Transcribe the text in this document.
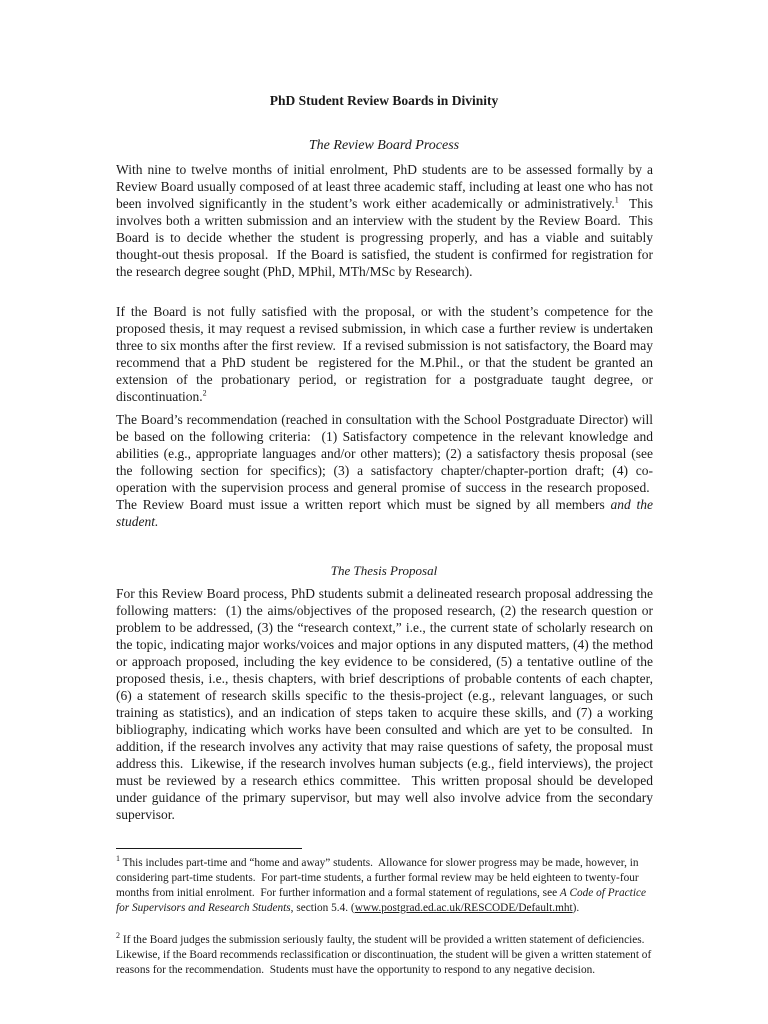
PhD Student Review Boards in Divinity
The Review Board Process

With nine to twelve months of initial enrolment, PhD students are to be assessed formally by a Review Board usually composed of at least three academic staff, including at least one who has not been involved significantly in the student’s work either academically or administratively.$^1$  This involves both a written submission and an interview with the student by the Review Board.  This Board is to decide whether the student is progressing properly, and has a viable and suitably thought-out thesis proposal.  If the Board is satisfied, the student is confirmed for registration for the research degree sought (PhD, MPhil, MTh/MSc by Research).

If the Board is not fully satisfied with the proposal, or with the student’s competence for the proposed thesis, it may request a revised submission, in which case a further review is undertaken three to six months after the first review.  If a revised submission is not satisfactory, the Board may recommend that a PhD student be  registered for the M.Phil., or that the student be granted an extension of the probationary period, or registration for a postgraduate taught degree, or discontinuation.$^2$

The Board’s recommendation (reached in consultation with the School Postgraduate Director) will be based on the following criteria:  (1) Satisfactory competence in the relevant knowledge and abilities (e.g., appropriate languages and/or other matters); (2) a satisfactory thesis proposal (see the following section for specifics); (3) a satisfactory chapter/chapter-portion draft; (4) co-operation with the supervision process and general promise of success in the research proposed.  The Review Board must issue a written report which must be signed by all members and the student.

The Thesis Proposal

For this Review Board process, PhD students submit a delineated research proposal addressing the following matters:  (1) the aims/objectives of the proposed research, (2) the research question or problem to be addressed, (3) the “research context,” i.e., the current state of scholarly research on the topic, indicating major works/voices and major options in any disputed matters, (4) the method or approach proposed, including the key evidence to be considered, (5) a tentative outline of the proposed thesis, i.e., thesis chapters, with brief descriptions of probable contents of each chapter, (6) a statement of research skills specific to the thesis-project (e.g., relevant languages, or such training as statistics), and an indication of steps taken to acquire these skills, and (7) a working bibliography, indicating which works have been consulted and which are yet to be consulted.  In addition, if the research involves any activity that may raise questions of safety, the proposal must address this.  Likewise, if the research involves human subjects (e.g., field interviews), the project must be reviewed by a research ethics committee.  This written proposal should be developed under guidance of the primary supervisor, but may well also involve advice from the secondary supervisor.

$^1$ This includes part-time and “home and away” students.  Allowance for slower progress may be made, however, in considering part-time students.  For part-time students, a further formal review may be held eighteen to twenty-four months from initial enrolment.  For further information and a formal statement of regulations, see A Code of Practice for Supervisors and Research Students, section 5.4. (www.postgrad.ed.ac.uk/RESCODE/Default.mht).

$^2$ If the Board judges the submission seriously faulty, the student will be provided a written statement of deficiencies.  Likewise, if the Board recommends reclassification or discontinuation, the student will be given a written statement of reasons for the recommendation.  Students must have the opportunity to respond to any negative decision.
